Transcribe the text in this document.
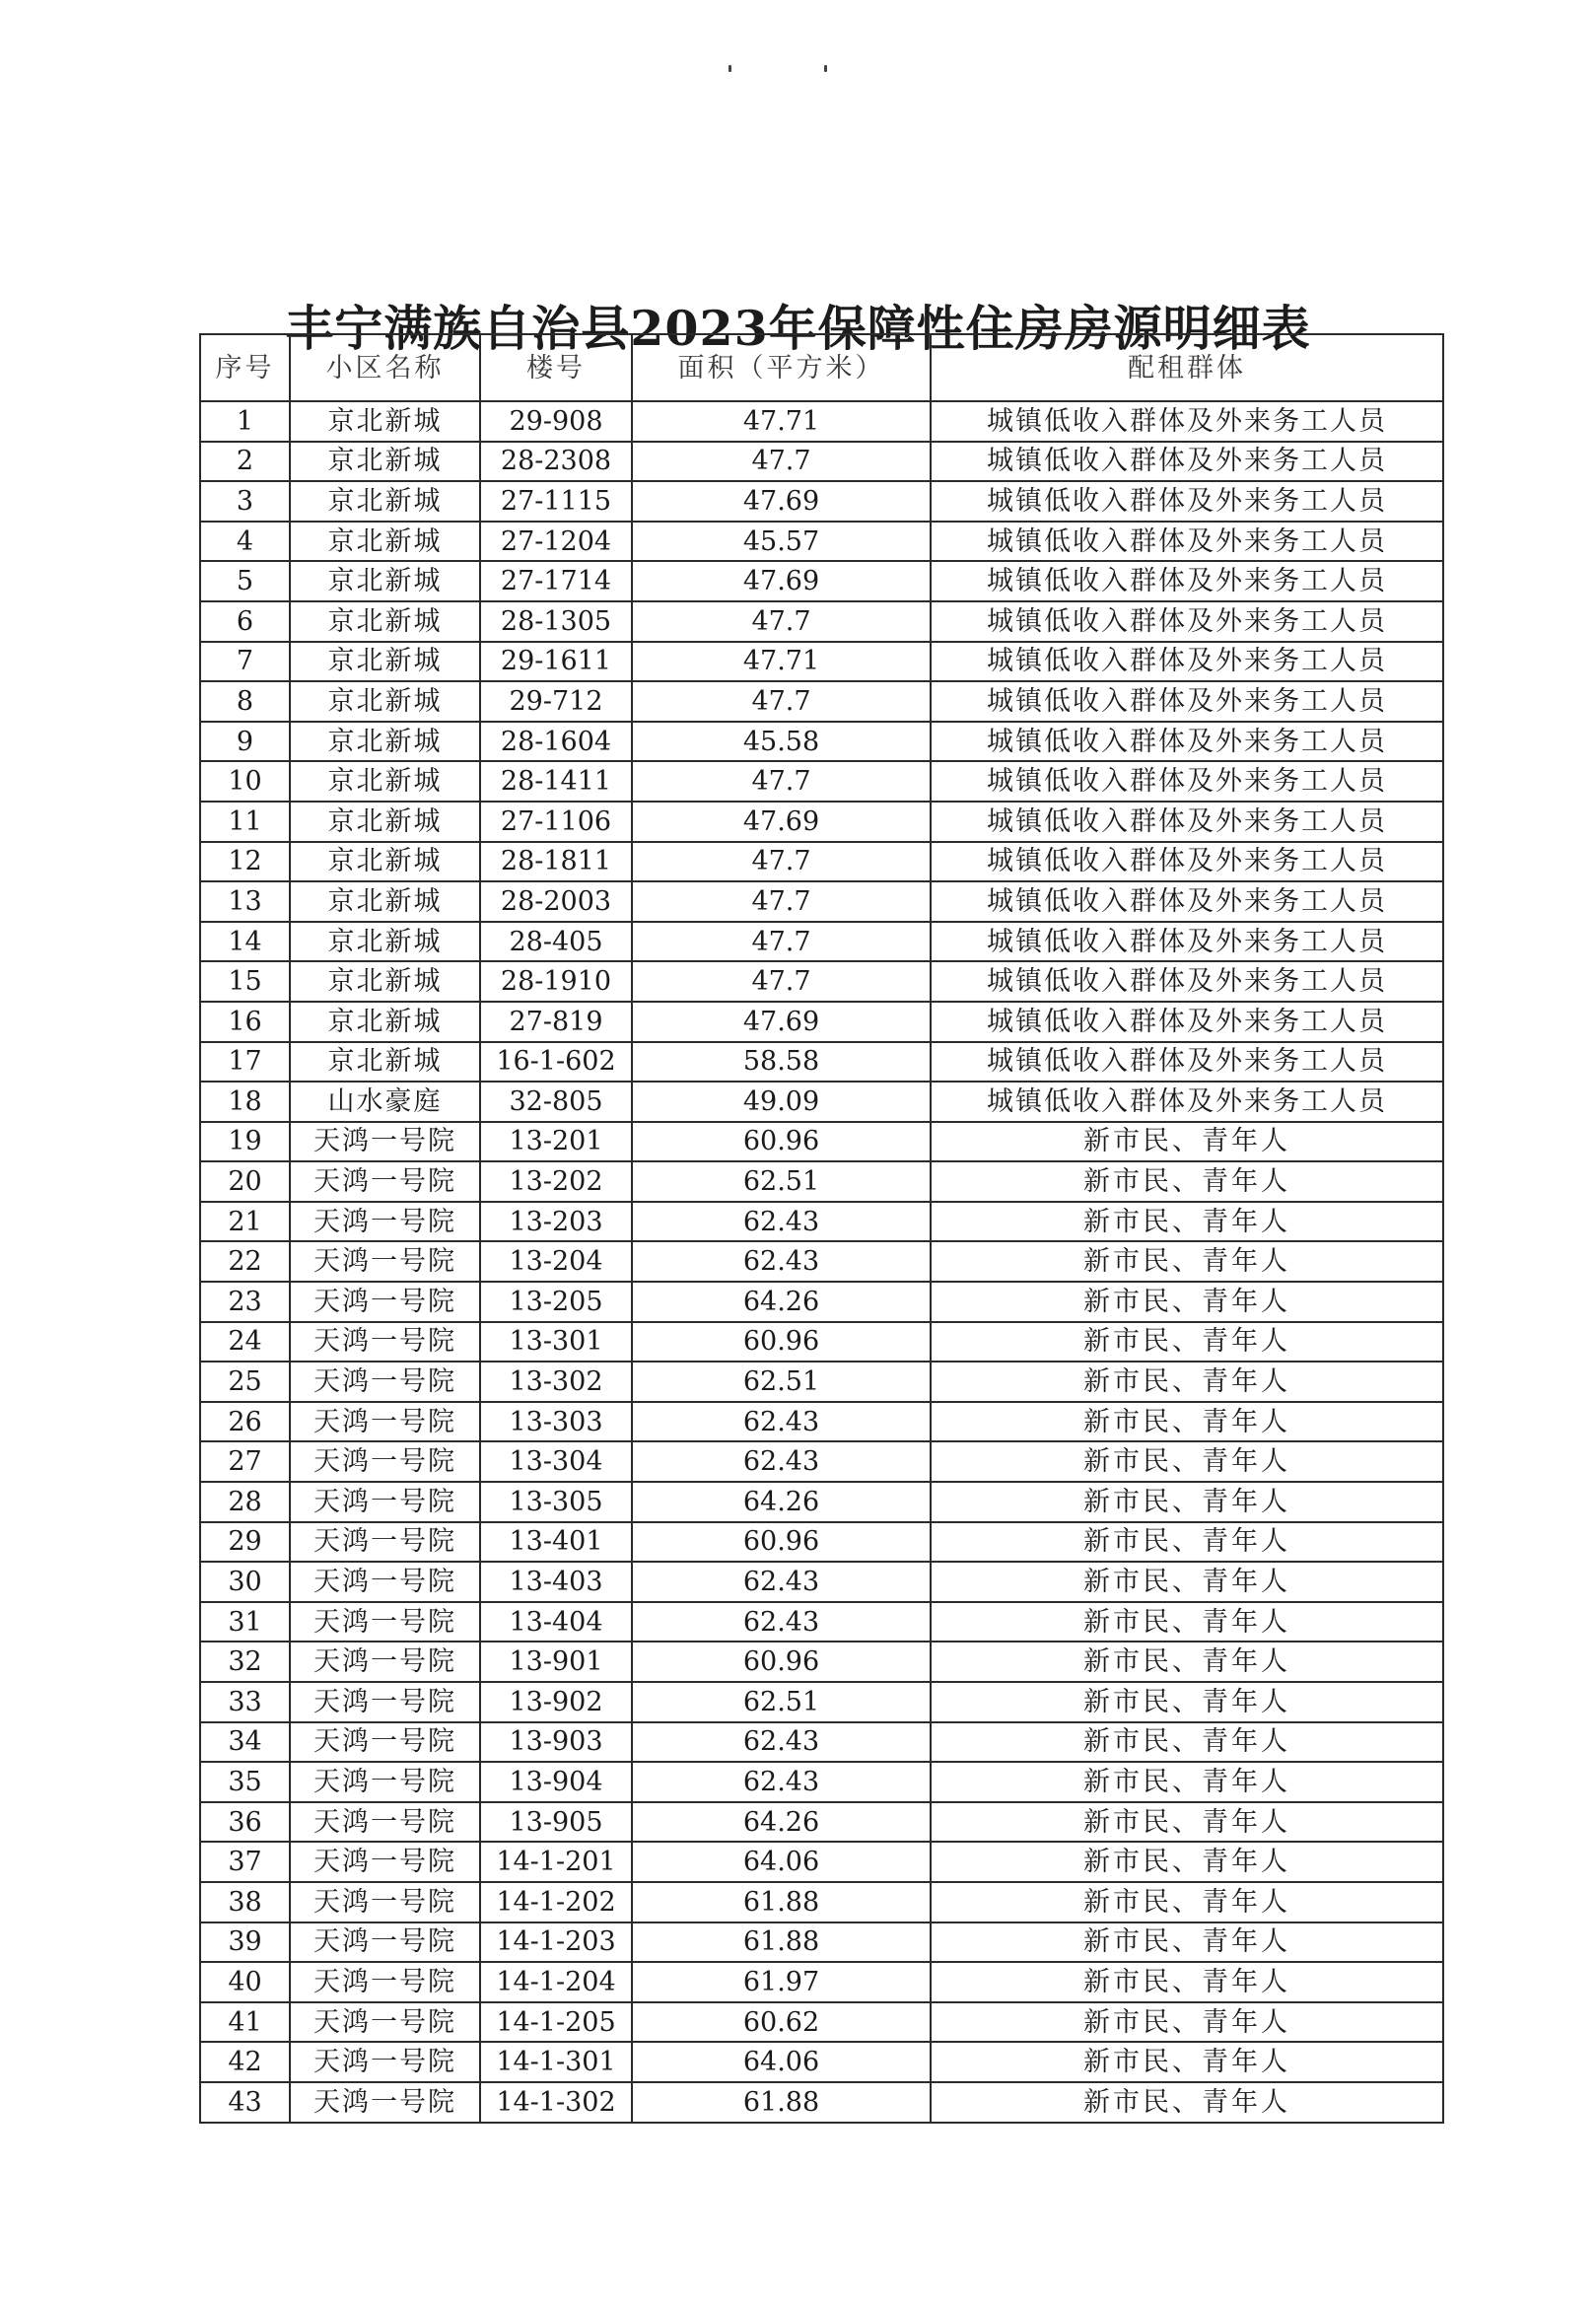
丰宁满族自治县2023年保障性住房房源明细表
序号	小区名称	楼号	面积（平方米）	配租群体
1	京北新城	29-908	47.71	城镇低收入群体及外来务工人员
2	京北新城	28-2308	47.7	城镇低收入群体及外来务工人员
3	京北新城	27-1115	47.69	城镇低收入群体及外来务工人员
4	京北新城	27-1204	45.57	城镇低收入群体及外来务工人员
5	京北新城	27-1714	47.69	城镇低收入群体及外来务工人员
6	京北新城	28-1305	47.7	城镇低收入群体及外来务工人员
7	京北新城	29-1611	47.71	城镇低收入群体及外来务工人员
8	京北新城	29-712	47.7	城镇低收入群体及外来务工人员
9	京北新城	28-1604	45.58	城镇低收入群体及外来务工人员
10	京北新城	28-1411	47.7	城镇低收入群体及外来务工人员
11	京北新城	27-1106	47.69	城镇低收入群体及外来务工人员
12	京北新城	28-1811	47.7	城镇低收入群体及外来务工人员
13	京北新城	28-2003	47.7	城镇低收入群体及外来务工人员
14	京北新城	28-405	47.7	城镇低收入群体及外来务工人员
15	京北新城	28-1910	47.7	城镇低收入群体及外来务工人员
16	京北新城	27-819	47.69	城镇低收入群体及外来务工人员
17	京北新城	16-1-602	58.58	城镇低收入群体及外来务工人员
18	山水豪庭	32-805	49.09	城镇低收入群体及外来务工人员
19	天鸿一号院	13-201	60.96	新市民、青年人
20	天鸿一号院	13-202	62.51	新市民、青年人
21	天鸿一号院	13-203	62.43	新市民、青年人
22	天鸿一号院	13-204	62.43	新市民、青年人
23	天鸿一号院	13-205	64.26	新市民、青年人
24	天鸿一号院	13-301	60.96	新市民、青年人
25	天鸿一号院	13-302	62.51	新市民、青年人
26	天鸿一号院	13-303	62.43	新市民、青年人
27	天鸿一号院	13-304	62.43	新市民、青年人
28	天鸿一号院	13-305	64.26	新市民、青年人
29	天鸿一号院	13-401	60.96	新市民、青年人
30	天鸿一号院	13-403	62.43	新市民、青年人
31	天鸿一号院	13-404	62.43	新市民、青年人
32	天鸿一号院	13-901	60.96	新市民、青年人
33	天鸿一号院	13-902	62.51	新市民、青年人
34	天鸿一号院	13-903	62.43	新市民、青年人
35	天鸿一号院	13-904	62.43	新市民、青年人
36	天鸿一号院	13-905	64.26	新市民、青年人
37	天鸿一号院	14-1-201	64.06	新市民、青年人
38	天鸿一号院	14-1-202	61.88	新市民、青年人
39	天鸿一号院	14-1-203	61.88	新市民、青年人
40	天鸿一号院	14-1-204	61.97	新市民、青年人
41	天鸿一号院	14-1-205	60.62	新市民、青年人
42	天鸿一号院	14-1-301	64.06	新市民、青年人
43	天鸿一号院	14-1-302	61.88	新市民、青年人
